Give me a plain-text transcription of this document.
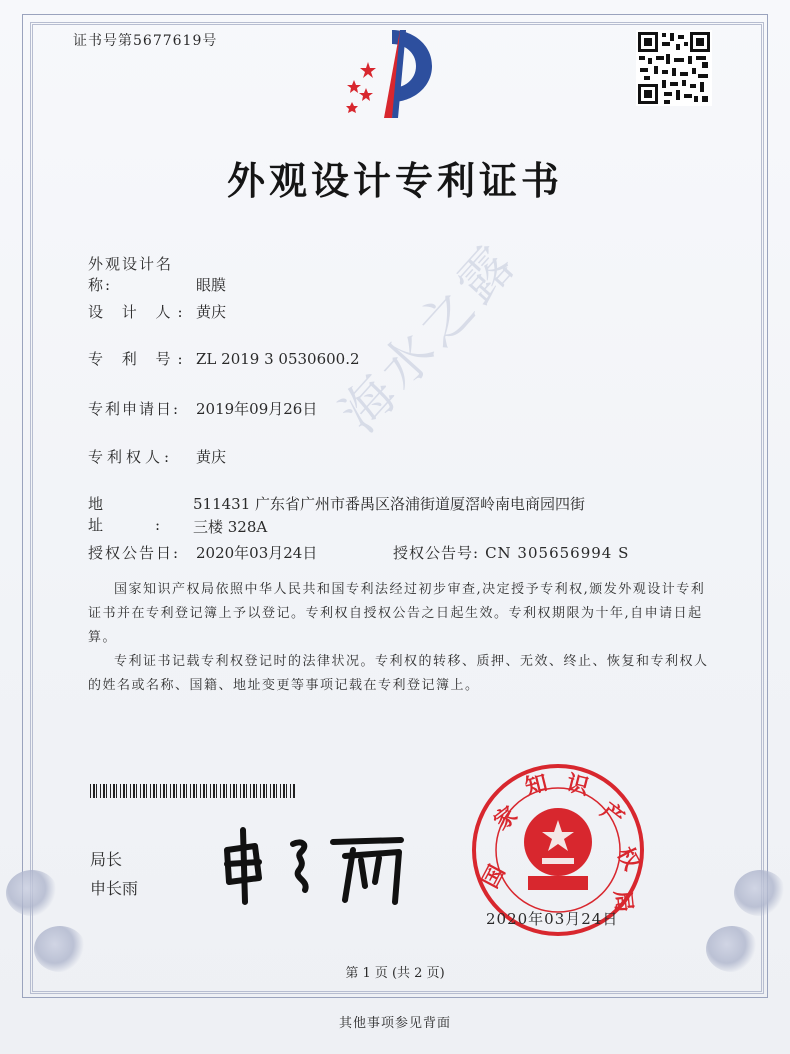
证书号第5677619号
外观设计专利证书
外观设计名称:	眼膜
设 计 人: 黄庆
专 利 号: ZL 2019 3 0530600.2
专利申请日: 2019年09月26日
专利权人: 黄庆
地 址:
511431 广东省广州市番禺区洛浦街道厦滘岭南电商园四街三楼 328A
授权公告日: 2020年03月24日	授权公告号: CN 305656994 S
国家知识产权局依照中华人民共和国专利法经过初步审查,决定授予专利权,颁发外观设计专利证书并在专利登记簿上予以登记。专利权自授权公告之日起生效。专利权期限为十年,自申请日起算。
专利证书记载专利权登记时的法律状况。专利权的转移、质押、无效、终止、恢复和专利权人的姓名或名称、国籍、地址变更等事项记载在专利登记簿上。
局长
申长雨	国
家
知 识
产
权
局
2020年03月24日
海水之露
第 1 页 (共 2 页)
其他事项参见背面
